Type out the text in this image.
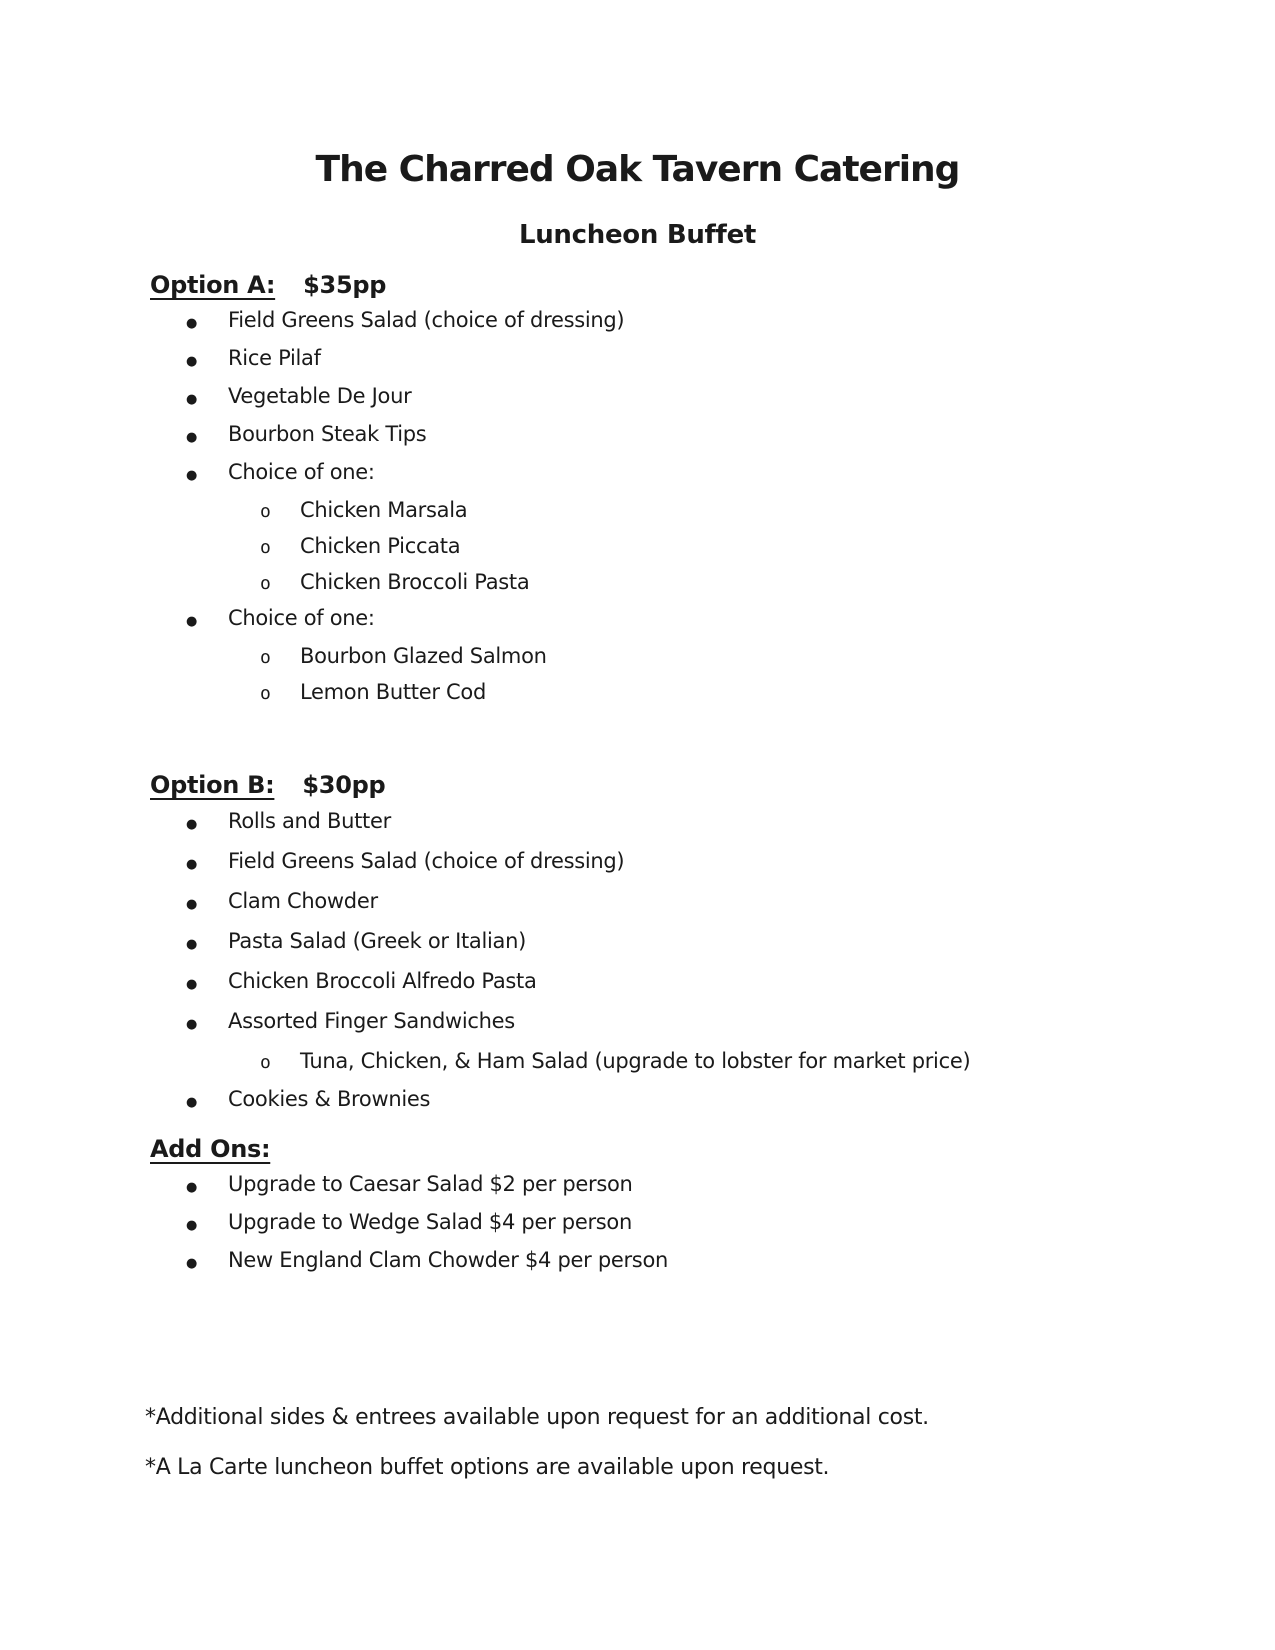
The Charred Oak Tavern Catering
Luncheon Buffet
Option A: $35pp
●	Field Greens Salad (choice of dressing)
●	Rice Pilaf
●	Vegetable De Jour
●	Bourbon Steak Tips
●	Choice of one:
o	Chicken Marsala
o	Chicken Piccata
o	Chicken Broccoli Pasta
●	Choice of one:
o	Bourbon Glazed Salmon
o	Lemon Butter Cod
Option B: $30pp
●	Rolls and Butter
●	Field Greens Salad (choice of dressing)
●	Clam Chowder
●	Pasta Salad (Greek or Italian)
●	Chicken Broccoli Alfredo Pasta
●	Assorted Finger Sandwiches
o	Tuna, Chicken, & Ham Salad (upgrade to lobster for market price)
●	Cookies & Brownies
Add Ons:
●	Upgrade to Caesar Salad $2 per person
●	Upgrade to Wedge Salad $4 per person
●	New England Clam Chowder $4 per person
*Additional sides & entrees available upon request for an additional cost.
*A La Carte luncheon buffet options are available upon request.
